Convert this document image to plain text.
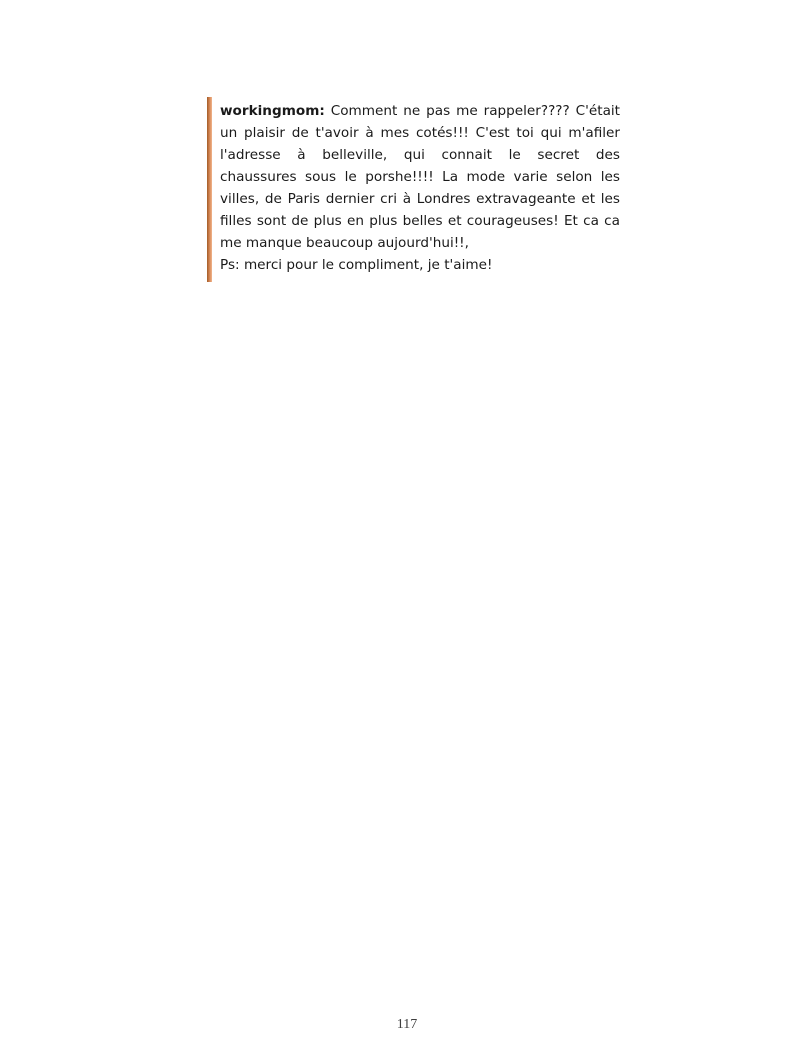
workingmom: Comment ne pas me rappeler???? C'était
un plaisir de t'avoir à mes cotés!!! C'est toi qui m'afiler
l'adresse à belleville, qui connait le secret des
chaussures sous le porshe!!!! La mode varie selon les
villes, de Paris dernier cri à Londres extravageante et les
filles sont de plus en plus belles et courageuses! Et ca ca
me manque beaucoup aujourd'hui!!,
Ps: merci pour le compliment, je t'aime!
117
